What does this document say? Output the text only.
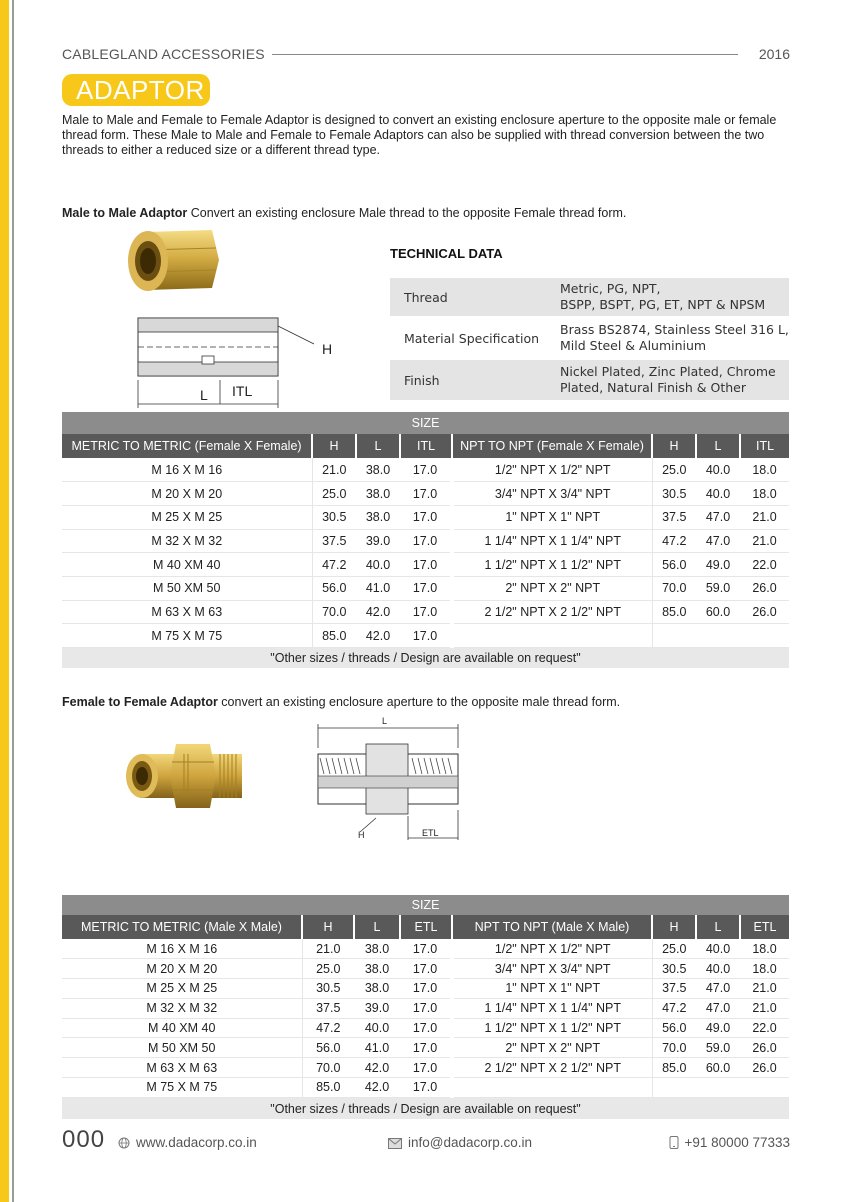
CABLEGLAND ACCESSORIES	2016
ADAPTOR

Male to Male and Female to Female Adaptor is designed to convert an existing enclosure aperture to the opposite male or female thread form. These Male to Male and Female to Female Adaptors can also be supplied with thread conversion between the two threads to either a reduced size or a different thread type.

Male to Male Adaptor Convert an existing enclosure Male thread to the opposite Female thread form.
H
L ITL
TECHNICAL DATA
Thread
Metric, PG, NPT,
BSPP, BSPT, PG, ET, NPT & NPSM
Material Specification
Brass BS2874, Stainless Steel 316 L,
Mild Steel & Aluminium
Finish
Nickel Plated, Zinc Plated, Chrome
Plated, Natural Finish & Other
SIZE							
METRIC TO METRIC (Female X Female)	H	L	ITL	NPT TO NPT (Female X Female)	H	L	ITL
M 16 X M 16	21.0	38.0	17.0	1/2" NPT X 1/2" NPT	25.0	40.0	18.0
M 20 X M 20	25.0	38.0	17.0	3/4" NPT X 3/4" NPT	30.5	40.0	18.0
M 25 X M 25	30.5	38.0	17.0	1" NPT X 1" NPT	37.5	47.0	21.0
M 32 X M 32	37.5	39.0	17.0	1 1/4" NPT X 1 1/4" NPT	47.2	47.0	21.0
M 40 XM 40	47.2	40.0	17.0	1 1/2" NPT X 1 1/2" NPT	56.0	49.0	22.0
M 50 XM 50	56.0	41.0	17.0	2" NPT X 2" NPT	70.0	59.0	26.0
M 63 X M 63	70.0	42.0	17.0	2 1/2" NPT X 2 1/2" NPT	85.0	60.0	26.0
M 75 X M 75	85.0	42.0	17.0				
"Other sizes / threads / Design are available on request"							
Female to Female Adaptor convert an existing enclosure aperture to the opposite male thread form.
L
H	ETL
SIZE							
METRIC TO METRIC (Male X Male)	H	L	ETL	NPT TO NPT (Male X Male)	H	L	ETL
M 16 X M 16	21.0	38.0	17.0	1/2" NPT X 1/2" NPT	25.0	40.0	18.0
M 20 X M 20	25.0	38.0	17.0	3/4" NPT X 3/4" NPT	30.5	40.0	18.0
M 25 X M 25	30.5	38.0	17.0	1" NPT X 1" NPT	37.5	47.0	21.0
M 32 X M 32	37.5	39.0	17.0	1 1/4" NPT X 1 1/4" NPT	47.2	47.0	21.0
M 40 XM 40	47.2	40.0	17.0	1 1/2" NPT X 1 1/2" NPT	56.0	49.0	22.0
M 50 XM 50	56.0	41.0	17.0	2" NPT X 2" NPT	70.0	59.0	26.0
M 63 X M 63	70.0	42.0	17.0	2 1/2" NPT X 2 1/2" NPT	85.0	60.0	26.0
M 75 X M 75	85.0	42.0	17.0				
"Other sizes / threads / Design are available on request"							
000	www.dadacorp.co.in	info@dadacorp.co.in	+91 80000 77333
